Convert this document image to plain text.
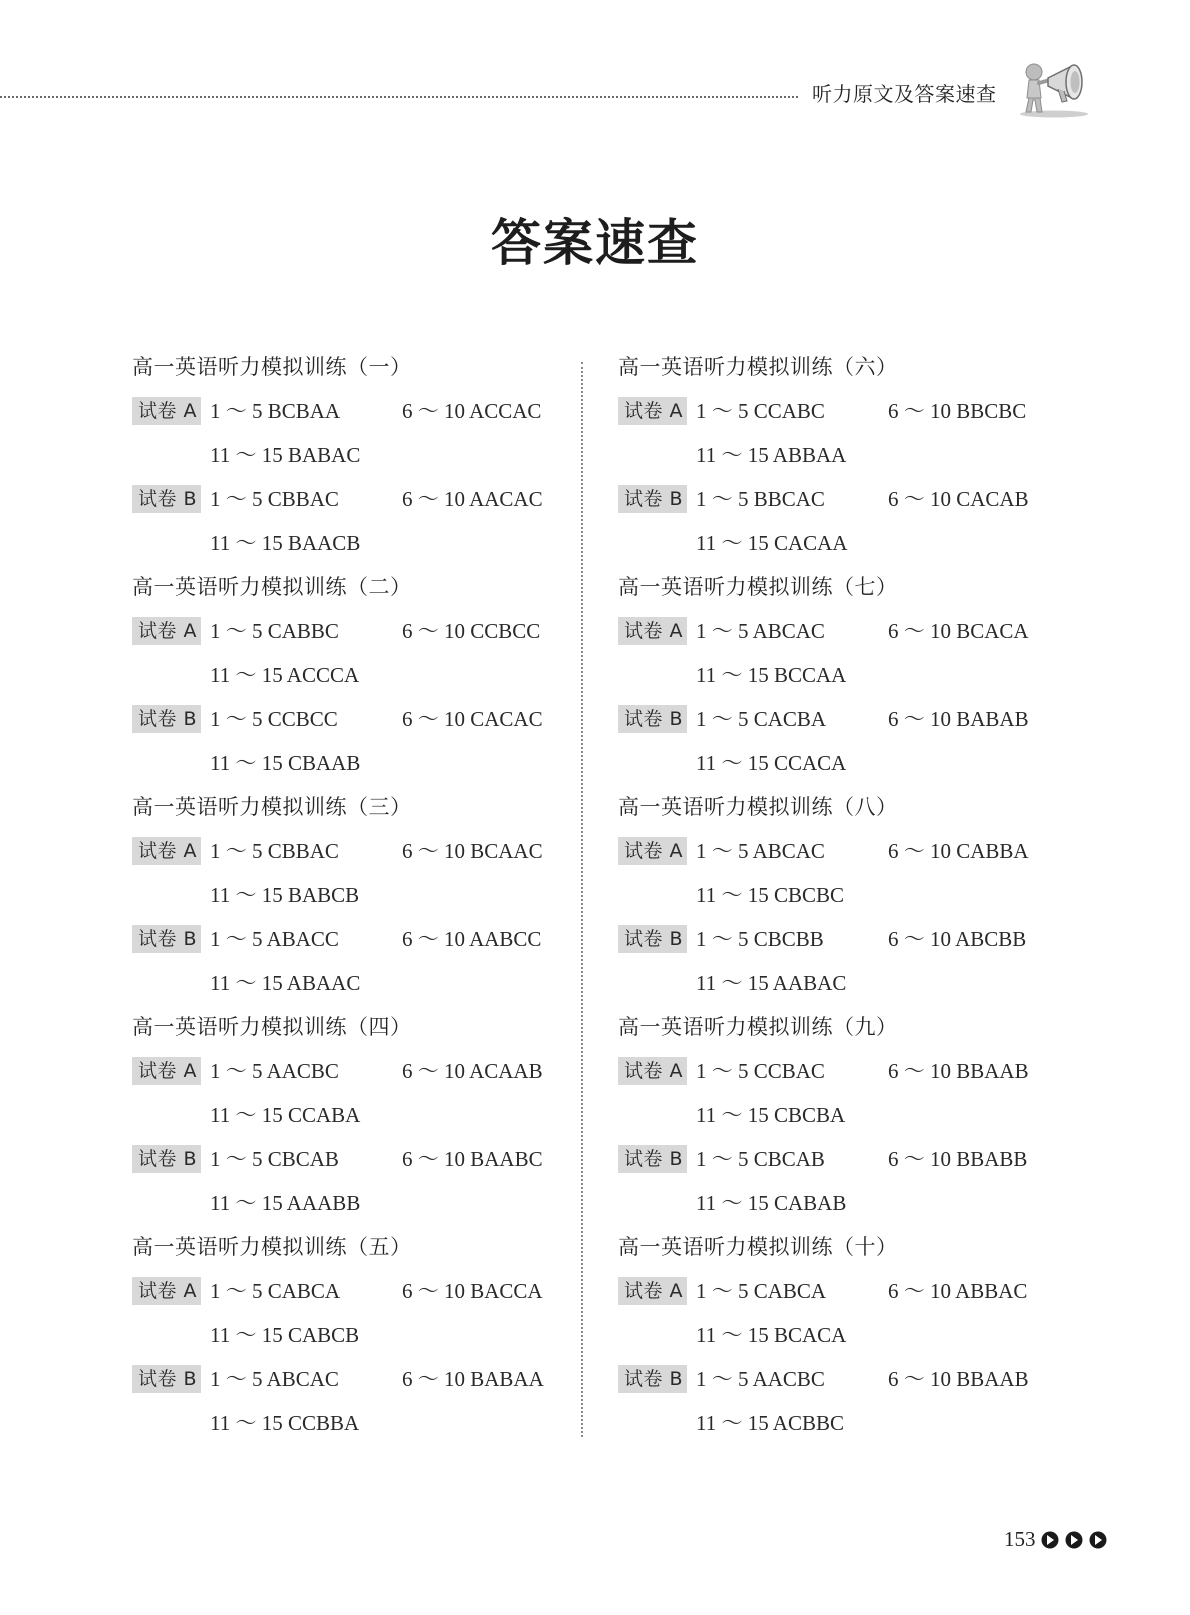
听力原文及答案速查
答案速查
高一英语听力模拟训练（一）
试卷 A 1 ～ 5 BCBAA	6 ～ 10 ACCAC
11 ～ 15 BABAC
试卷 B 1 ～ 5 CBBAC	6 ～ 10 AACAC
11 ～ 15 BAACB
高一英语听力模拟训练（二）
试卷 A 1 ～ 5 CABBC	6 ～ 10 CCBCC
11 ～ 15 ACCCA
试卷 B 1 ～ 5 CCBCC	6 ～ 10 CACAC
11 ～ 15 CBAAB
高一英语听力模拟训练（三）
试卷 A 1 ～ 5 CBBAC	6 ～ 10 BCAAC
11 ～ 15 BABCB
试卷 B 1 ～ 5 ABACC	6 ～ 10 AABCC
11 ～ 15 ABAAC
高一英语听力模拟训练（四）
试卷 A 1 ～ 5 AACBC	6 ～ 10 ACAAB
11 ～ 15 CCABA
试卷 B 1 ～ 5 CBCAB	6 ～ 10 BAABC
11 ～ 15 AAABB
高一英语听力模拟训练（五）
试卷 A 1 ～ 5 CABCA	6 ～ 10 BACCA
11 ～ 15 CABCB
试卷 B 1 ～ 5 ABCAC	6 ～ 10 BABAA
11 ～ 15 CCBBA
高一英语听力模拟训练（六）
试卷 A 1 ～ 5 CCABC	6 ～ 10 BBCBC
11 ～ 15 ABBAA
试卷 B 1 ～ 5 BBCAC	6 ～ 10 CACAB
11 ～ 15 CACAA
高一英语听力模拟训练（七）
试卷 A 1 ～ 5 ABCAC	6 ～ 10 BCACA
11 ～ 15 BCCAA
试卷 B 1 ～ 5 CACBA	6 ～ 10 BABAB
11 ～ 15 CCACA
高一英语听力模拟训练（八）
试卷 A 1 ～ 5 ABCAC	6 ～ 10 CABBA
11 ～ 15 CBCBC
试卷 B 1 ～ 5 CBCBB	6 ～ 10 ABCBB
11 ～ 15 AABAC
高一英语听力模拟训练（九）
试卷 A 1 ～ 5 CCBAC	6 ～ 10 BBAAB
11 ～ 15 CBCBA
试卷 B 1 ～ 5 CBCAB	6 ～ 10 BBABB
11 ～ 15 CABAB
高一英语听力模拟训练（十）
试卷 A 1 ～ 5 CABCA	6 ～ 10 ABBAC
11 ～ 15 BCACA
试卷 B 1 ～ 5 AACBC	6 ～ 10 BBAAB
11 ～ 15 ACBBC
153
